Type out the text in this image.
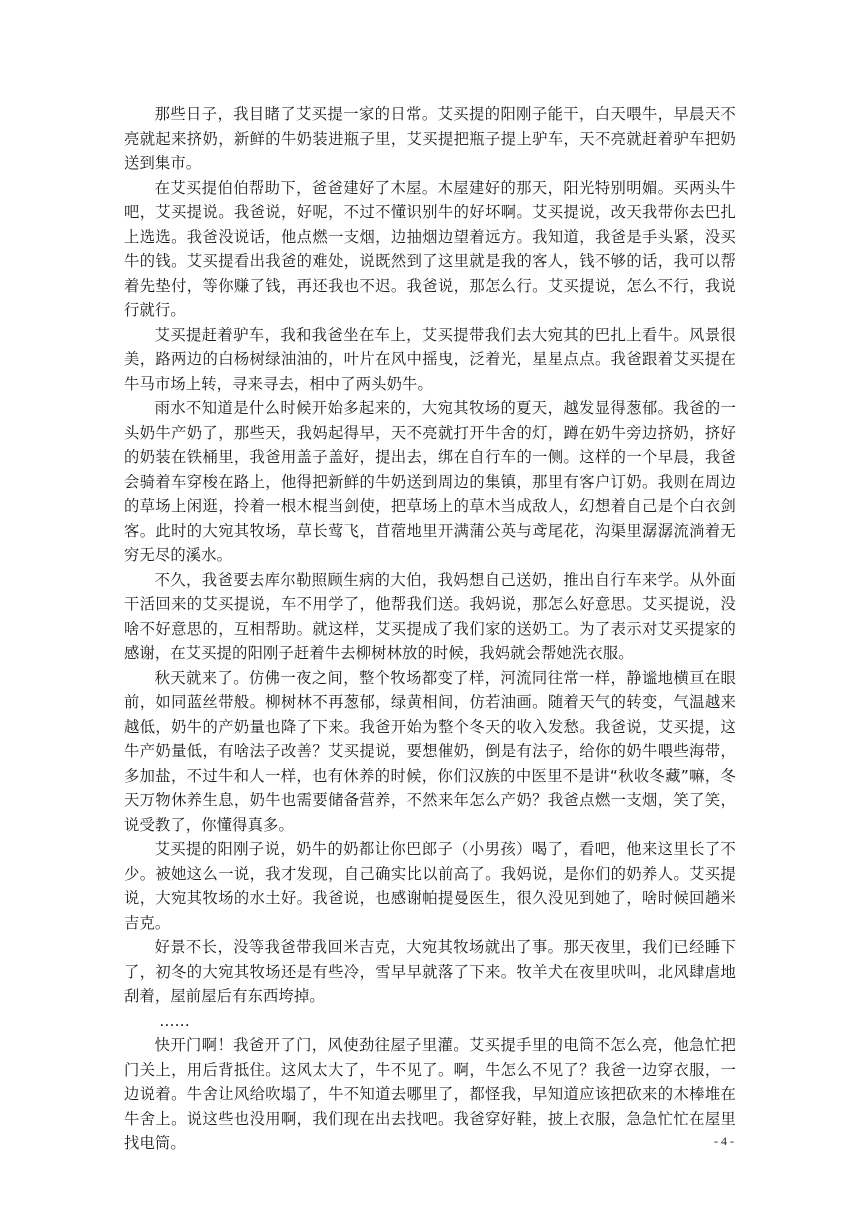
那些日子，我目睹了艾买提一家的日常。艾买提的阳刚子能干，白天喂牛，早晨天不亮就起来挤奶，新鲜的牛奶装进瓶子里，艾买提把瓶子提上驴车，天不亮就赶着驴车把奶送到集市。

在艾买提伯伯帮助下，爸爸建好了木屋。木屋建好的那天，阳光特别明媚。买两头牛吧，艾买提说。我爸说，好呢，不过不懂识别牛的好坏啊。艾买提说，改天我带你去巴扎上选选。我爸没说话，他点燃一支烟，边抽烟边望着远方。我知道，我爸是手头紧，没买牛的钱。艾买提看出我爸的难处，说既然到了这里就是我的客人，钱不够的话，我可以帮着先垫付，等你赚了钱，再还我也不迟。我爸说，那怎么行。艾买提说，怎么不行，我说行就行。

艾买提赶着驴车，我和我爸坐在车上，艾买提带我们去大宛其的巴扎上看牛。风景很美，路两边的白杨树绿油油的，叶片在风中摇曳，泛着光，星星点点。我爸跟着艾买提在牛马市场上转，寻来寻去，相中了两头奶牛。

雨水不知道是什么时候开始多起来的，大宛其牧场的夏天，越发显得葱郁。我爸的一头奶牛产奶了，那些天，我妈起得早，天不亮就打开牛舍的灯，蹲在奶牛旁边挤奶，挤好的奶装在铁桶里，我爸用盖子盖好，提出去，绑在自行车的一侧。这样的一个早晨，我爸会骑着车穿梭在路上，他得把新鲜的牛奶送到周边的集镇，那里有客户订奶。我则在周边的草场上闲逛，拎着一根木棍当剑使，把草场上的草木当成敌人，幻想着自己是个白衣剑客。此时的大宛其牧场，草长莺飞，苜蓿地里开满蒲公英与鸢尾花，沟渠里潺潺流淌着无穷无尽的溪水。

不久，我爸要去库尔勒照顾生病的大伯，我妈想自己送奶，推出自行车来学。从外面干活回来的艾买提说，车不用学了，他帮我们送。我妈说，那怎么好意思。艾买提说，没啥不好意思的，互相帮助。就这样，艾买提成了我们家的送奶工。为了表示对艾买提家的感谢，在艾买提的阳刚子赶着牛去柳树林放的时候，我妈就会帮她洗衣服。

秋天就来了。仿佛一夜之间，整个牧场都变了样，河流同往常一样，静谧地横亘在眼前，如同蓝丝带般。柳树林不再葱郁，绿黄相间，仿若油画。随着天气的转变，气温越来越低，奶牛的产奶量也降了下来。我爸开始为整个冬天的收入发愁。我爸说，艾买提，这牛产奶量低，有啥法子改善？艾买提说，要想催奶，倒是有法子，给你的奶牛喂些海带，多加盐，不过牛和人一样，也有休养的时候，你们汉族的中医里不是讲“秋收冬藏”嘛，冬天万物休养生息，奶牛也需要储备营养，不然来年怎么产奶？我爸点燃一支烟，笑了笑，说受教了，你懂得真多。

艾买提的阳刚子说，奶牛的奶都让你巴郎子（小男孩）喝了，看吧，他来这里长了不少。被她这么一说，我才发现，自己确实比以前高了。我妈说，是你们的奶养人。艾买提说，大宛其牧场的水土好。我爸说，也感谢帕提曼医生，很久没见到她了，啥时候回趟米吉克。

好景不长，没等我爸带我回米吉克，大宛其牧场就出了事。那天夜里，我们已经睡下了，初冬的大宛其牧场还是有些冷，雪早早就落了下来。牧羊犬在夜里吠叫，北风肆虐地刮着，屋前屋后有东西垮掉。

……

快开门啊！我爸开了门，风使劲往屋子里灌。艾买提手里的电筒不怎么亮，他急忙把门关上，用后背抵住。这风太大了，牛不见了。啊，牛怎么不见了？我爸一边穿衣服，一边说着。牛舍让风给吹塌了，牛不知道去哪里了，都怪我，早知道应该把砍来的木棒堆在牛舍上。说这些也没用啊，我们现在出去找吧。我爸穿好鞋，披上衣服，急急忙忙在屋里找电筒。	- 4 -
